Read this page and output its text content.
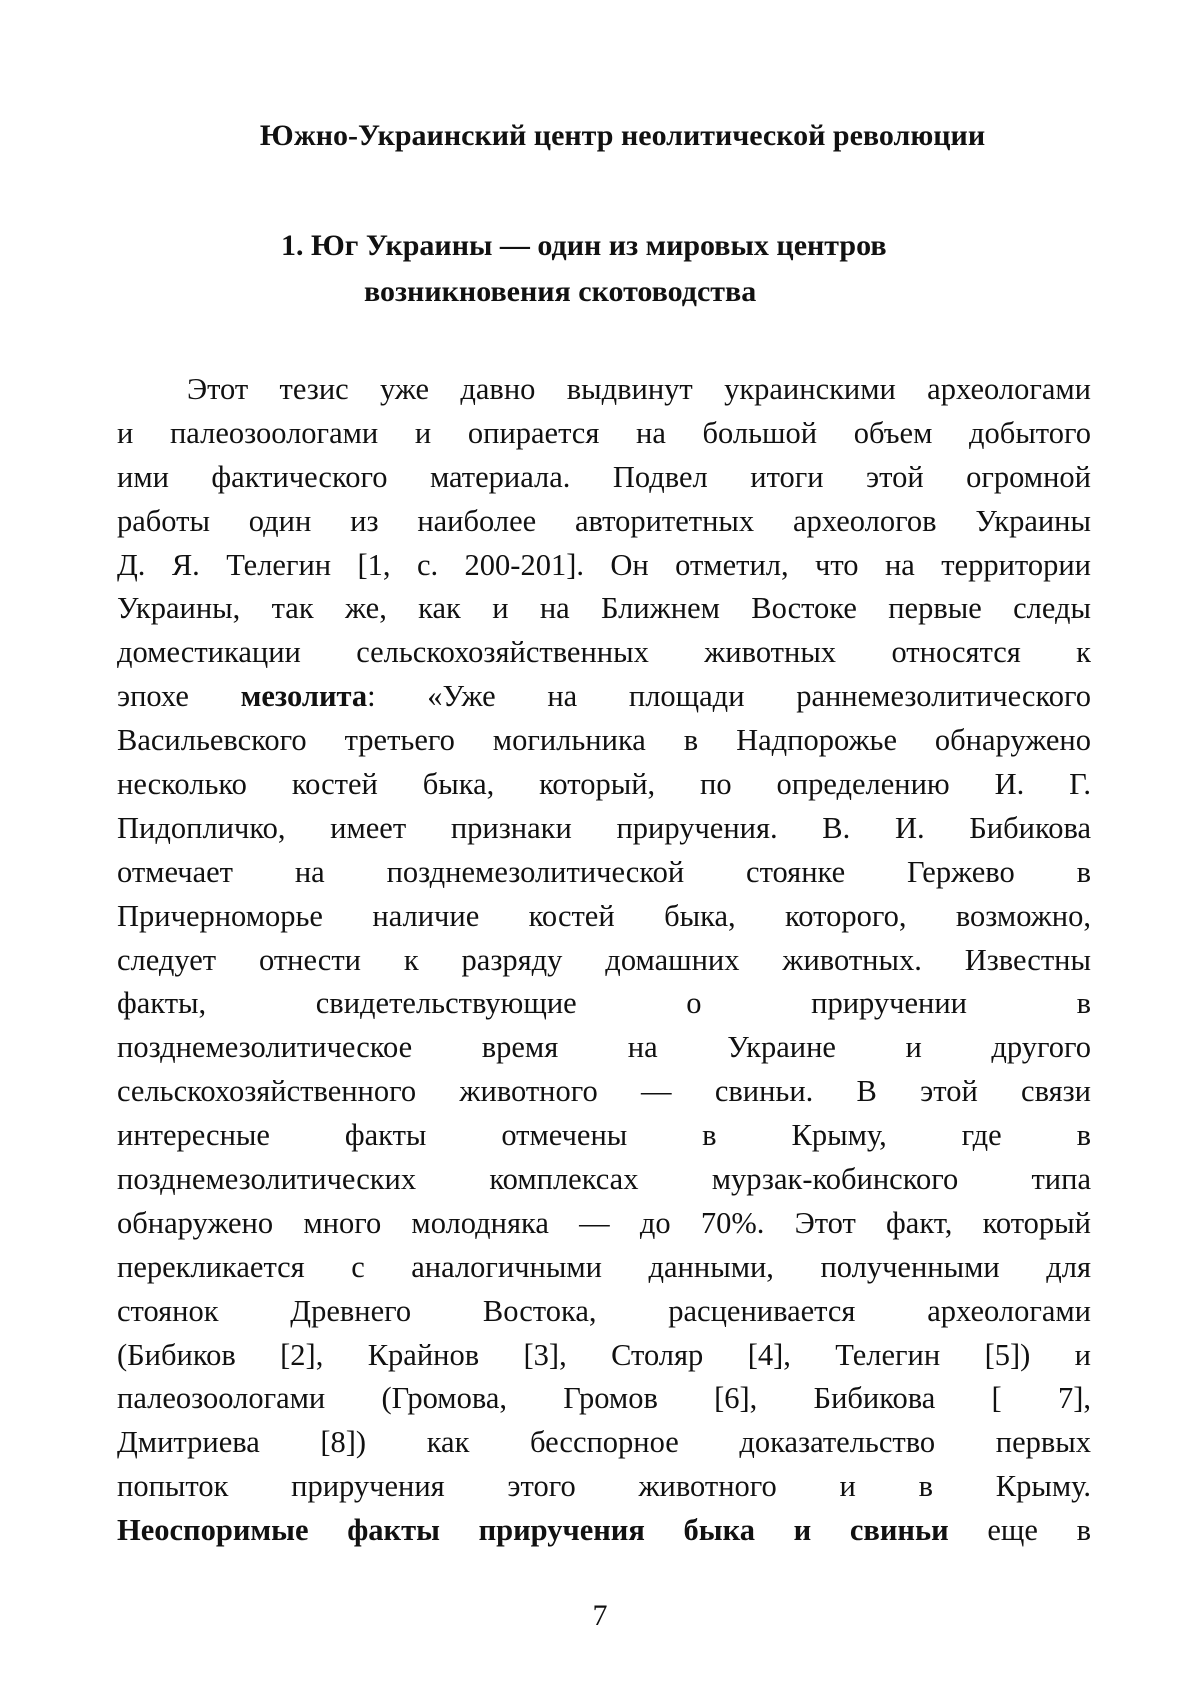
Южно-Украинский центр неолитической революции
1. Юг Украины — один из мировых центров
возникновения скотоводства
Этот тезис уже давно выдвинут украинскими археологами
и палеозоологами и опирается на большой объем добытого
ими фактического материала. Подвел итоги этой огромной
работы один из наиболее авторитетных археологов Украины
Д. Я. Телегин [1, с. 200-201]. Он отметил, что на территории
Украины, так же, как и на Ближнем Востоке первые следы
доместикации сельскохозяйственных животных относятся к
эпохе мезолита: «Уже на площади раннемезолитического
Васильевского третьего могильника в Надпорожье обнаружено
несколько костей быка, который, по определению И. Г.
Пидопличко, имеет признаки приручения. В. И. Бибикова
отмечает на позднемезолитической стоянке Гержево в
Причерноморье наличие костей быка, которого, возможно,
следует отнести к разряду домашних животных. Известны
факты, свидетельствующие о приручении в
позднемезолитическое время на Украине и другого
сельскохозяйственного животного — свиньи. В этой связи
интересные факты отмечены в Крыму, где в
позднемезолитических комплексах мурзак-кобинского типа
обнаружено много молодняка — до 70%. Этот факт, который
перекликается с аналогичными данными, полученными для
стоянок Древнего Востока, расценивается археологами
(Бибиков [2], Крайнов [3], Столяр [4], Телегин [5]) и
палеозоологами (Громова, Громов [6], Бибикова [ 7],
Дмитриева [8]) как бесспорное доказательство первых
попыток приручения этого животного и в Крыму.
Неоспоримые факты приручения быка и свиньи еще в
7
